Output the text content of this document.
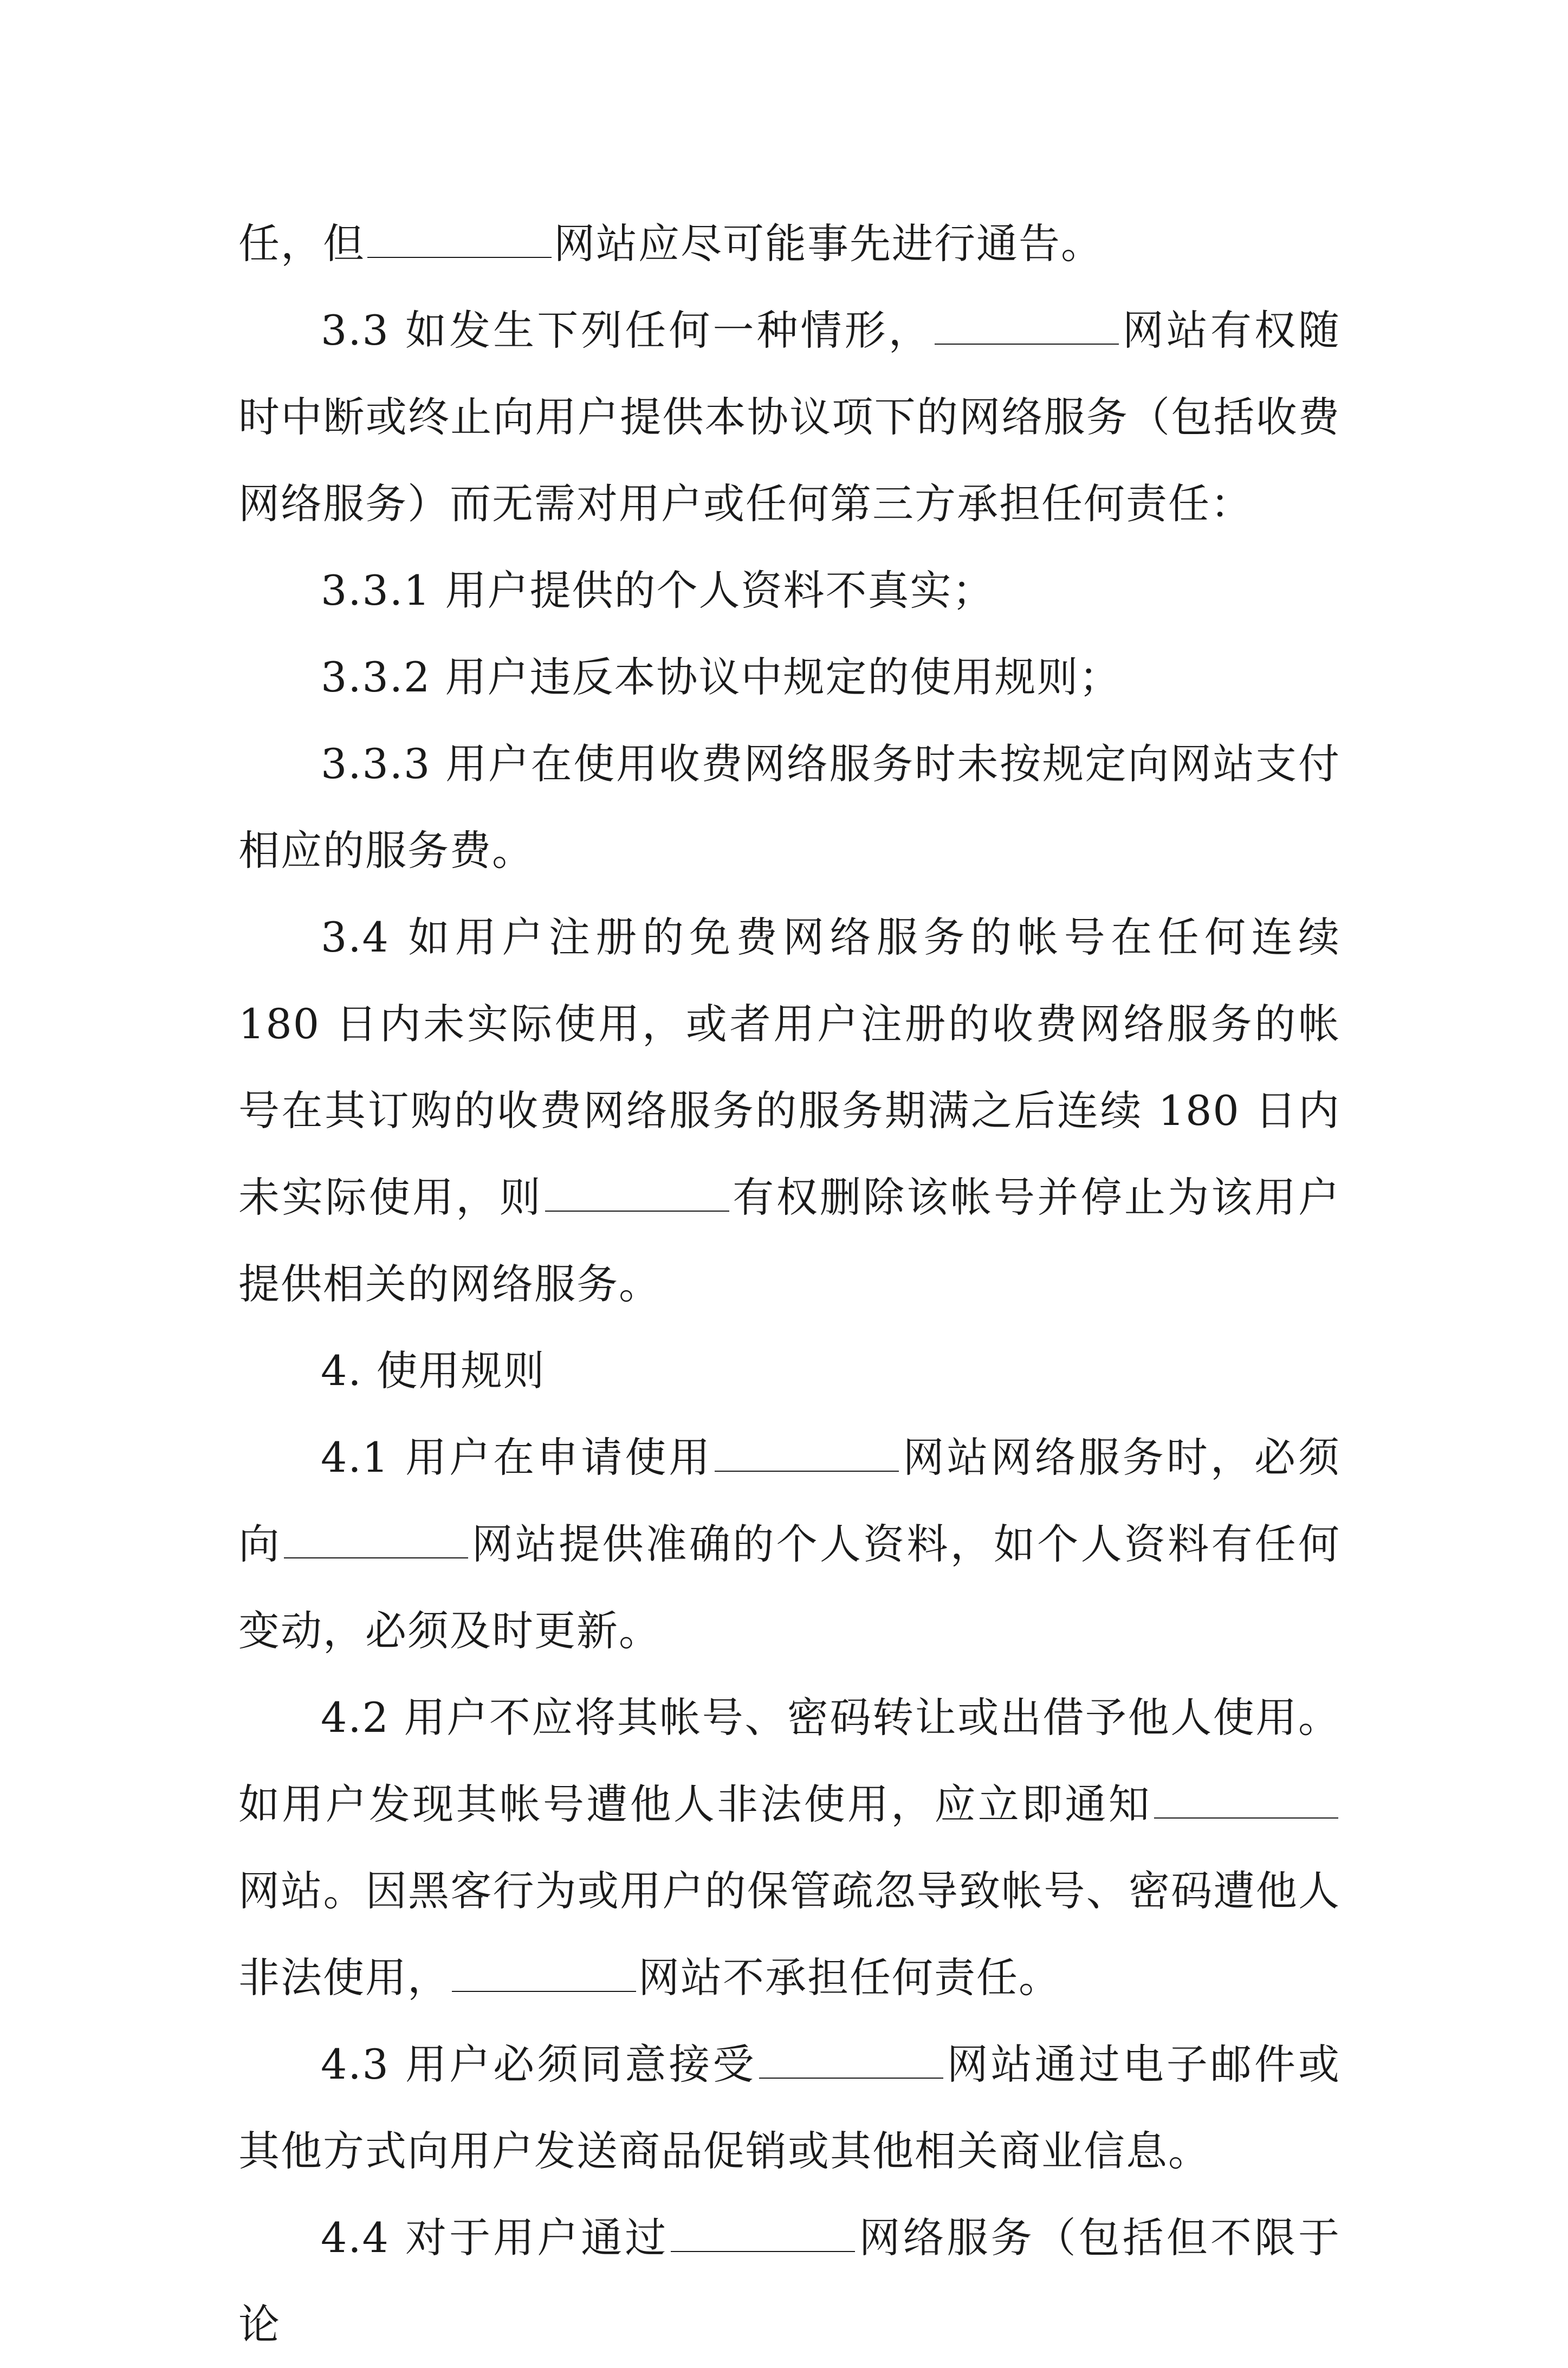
任，但	网站应尽可能事先进行通告。

3.3 如发生下列任何一种情形，	网站有权随时中断或终止向用户提供本协议项下的网络服务（包括收费网络服务）而无需对用户或任何第三方承担任何责任：

3.3.1 用户提供的个人资料不真实；

3.3.2 用户违反本协议中规定的使用规则；

3.3.3 用户在使用收费网络服务时未按规定向网站支付相应的服务费。

3.4 如用户注册的免费网络服务的帐号在任何连续 180 日内未实际使用，或者用户注册的收费网络服务的帐号在其订购的收费网络服务的服务期满之后连续 180 日内未实际使用，则	有权删除该帐号并停止为该用户提供相关的网络服务。

4. 使用规则

4.1 用户在申请使用	网站网络服务时，必须向	网站提供准确的个人资料，如个人资料有任何变动，必须及时更新。

4.2 用户不应将其帐号、密码转让或出借予他人使用。如用户发现其帐号遭他人非法使用，应立即通知网站。因黑客行为或用户的保管疏忽导致帐号、密码遭他人非法使用，	网站不承担任何责任。

4.3 用户必须同意接受	网站通过电子邮件或其他方式向用户发送商品促销或其他相关商业信息。

4.4 对于用户通过	网络服务（包括但不限于论
